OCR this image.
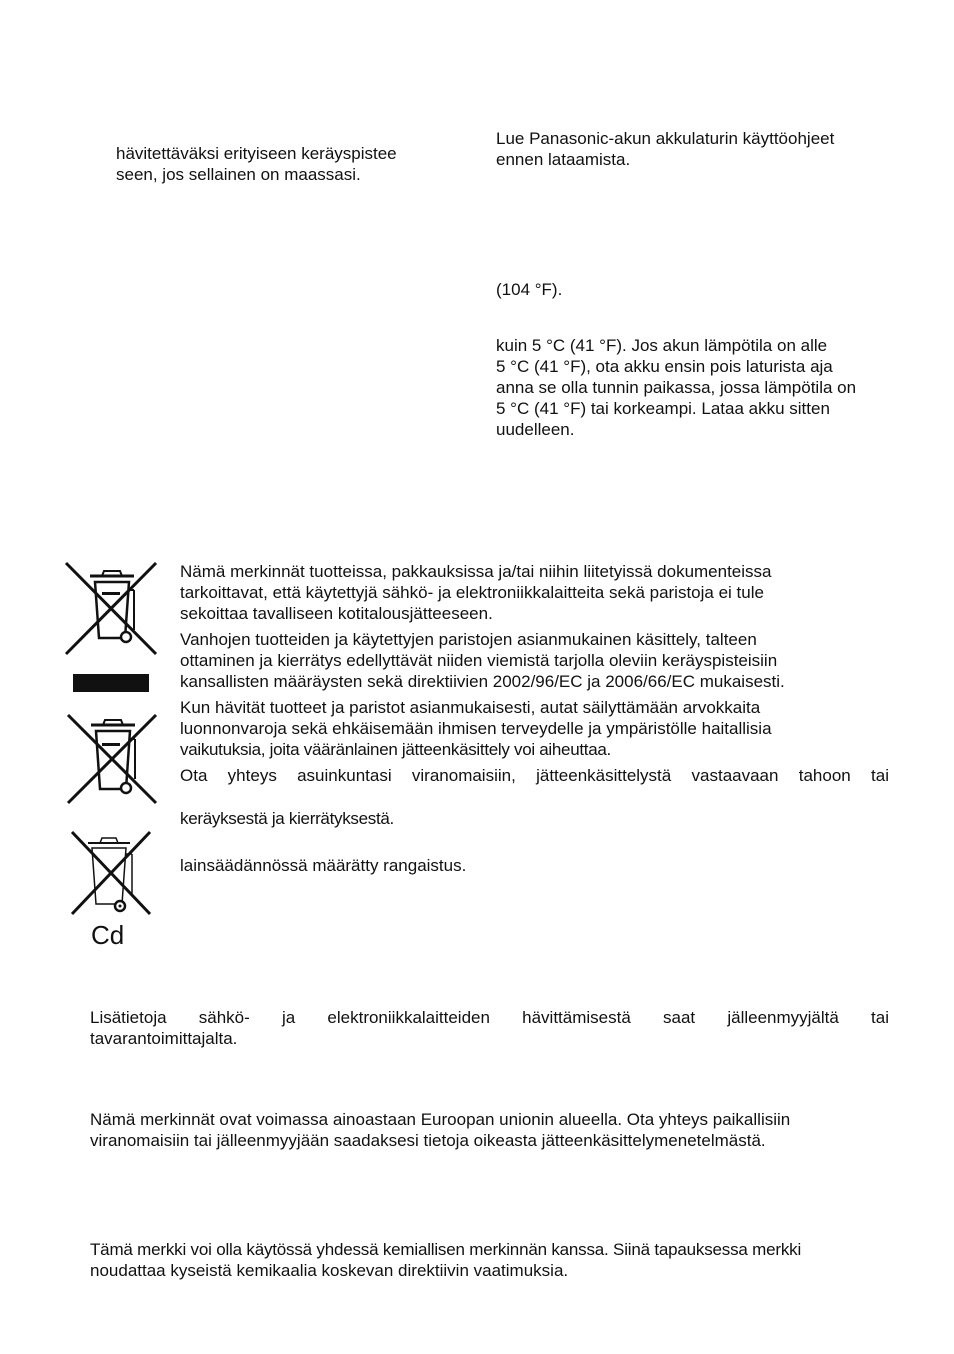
hävitettäväksi erityiseen keräyspistee
seen, jos sellainen on maassasi.
Lue Panasonic-akun akkulaturin käyttöohjeet
ennen lataamista.
(104 °F).
kuin 5 °C (41 °F). Jos akun lämpötila on alle
5 °C (41 °F), ota akku ensin pois laturista aja
anna se olla tunnin paikassa, jossa lämpötila on
5 °C (41 °F) tai korkeampi. Lataa akku sitten
uudelleen.
Cd
Nämä merkinnät tuotteissa, pakkauksissa ja/tai niihin liitetyissä dokumenteissa
tarkoittavat, että käytettyjä sähkö- ja elektroniikkalaitteita sekä paristoja ei tule
sekoittaa tavalliseen kotitalousjätteeseen.
Vanhojen tuotteiden ja käytettyjen paristojen asianmukainen käsittely, talteen
ottaminen ja kierrätys edellyttävät niiden viemistä tarjolla oleviin keräyspisteisiin
kansallisten määräysten sekä direktiivien 2002/96/EC ja 2006/66/EC mukaisesti.
Kun hävität tuotteet ja paristot asianmukaisesti, autat säilyttämään arvokkaita
luonnonvaroja sekä ehkäisemään ihmisen terveydelle ja ympäristölle haitallisia
vaikutuksia, joita vääränlainen jätteenkäsittely voi aiheuttaa.
Ota yhteys asuinkuntasi viranomaisiin, jätteenkäsittelystä vastaavaan tahoon tai
keräyksestä ja kierrätyksestä.
lainsäädännössä määrätty rangaistus.
Lisätietoja sähkö- ja elektroniikkalaitteiden hävittämisestä saat jälleenmyyjältä tai
tavarantoimittajalta.
Nämä merkinnät ovat voimassa ainoastaan Euroopan unionin alueella. Ota yhteys paikallisiin
viranomaisiin tai jälleenmyyjään saadaksesi tietoja oikeasta jätteenkäsittelymenetelmästä.
Tämä merkki voi olla käytössä yhdessä kemiallisen merkinnän kanssa. Siinä tapauksessa merkki
noudattaa kyseistä kemikaalia koskevan direktiivin vaatimuksia.
